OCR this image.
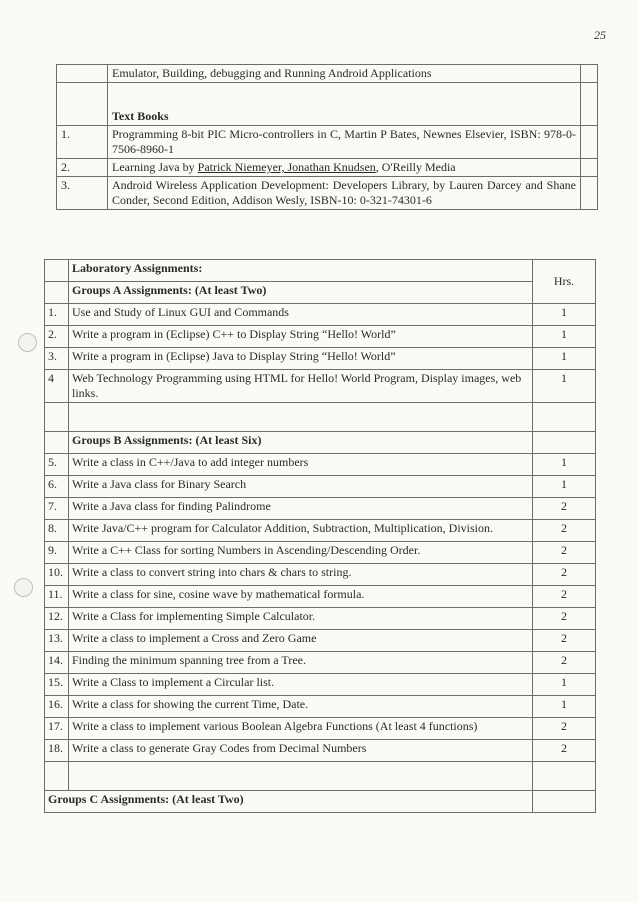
25
	Emulator, Building, debugging and Running Android Applications	
	Text Books	
1.	Programming 8-bit PIC Micro-controllers in C, Martin P Bates, Newnes Elsevier, ISBN: 978-0-7506-8960-1	
2.	Learning Java by Patrick Niemeyer, Jonathan Knudsen, O'Reilly Media	
3.	Android Wireless Application Development: Developers Library, by Lauren Darcey and Shane Conder, Second Edition, Addison Wesly, ISBN-10: 0-321-74301-6	
	Laboratory Assignments:	Hrs.
	Groups A Assignments: (At least Two)	
1.	Use and Study of Linux GUI and Commands	1
2.	Write a program in (Eclipse) C++ to Display String “Hello! World”	1
3.	Write a program in (Eclipse) Java to Display String “Hello! World”	1
4	Web Technology Programming using HTML for Hello! World Program, Display images, web links.	1

	Groups B Assignments: (At least Six)	
5.	Write a class in C++/Java to add integer numbers	1
6.	Write a Java class for Binary Search	1
7.	Write a Java class for finding Palindrome	2
8.	Write Java/C++ program for Calculator Addition, Subtraction, Multiplication, Division.	2
9.	Write a C++ Class for sorting Numbers in Ascending/Descending Order.	2
10.	Write a class to convert string into chars & chars to string.	2
11.	Write a class for sine, cosine wave by mathematical formula.	2
12.	Write a Class for implementing Simple Calculator.	2
13.	Write a class to implement a Cross and Zero Game	2
14.	Finding the minimum spanning tree from a Tree.	2
15.	Write a Class to implement a Circular list.	1
16.	Write a class for showing the current Time, Date.	1
17.	Write a class to implement various Boolean Algebra Functions (At least 4 functions)	2
18.	Write a class to generate Gray Codes from Decimal Numbers	2

Groups C Assignments: (At least Two)		
